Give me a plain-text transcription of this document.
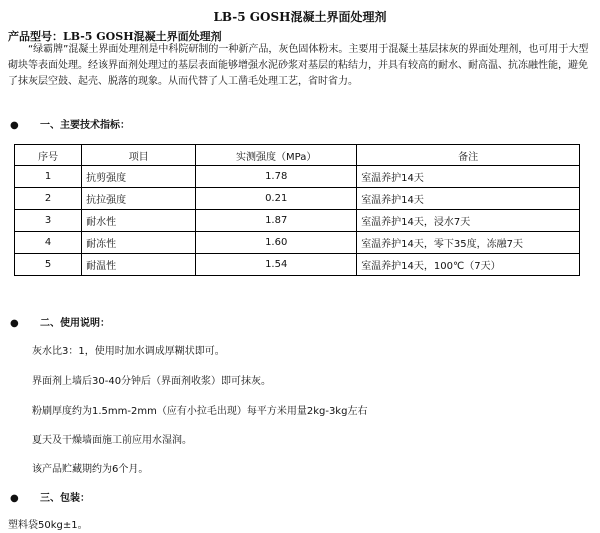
LB-5 GOSH混凝土界面处理剂
产品型号：LB-5 GOSH混凝土界面处理剂
“绿霸牌”混凝土界面处理剂是中科院研制的一种新产品，灰色固体粉末。主要用于混凝土基层抹灰的界面处理剂，也可用于大型砌块等表面处理。经该界面剂处理过的基层表面能够增强水泥砂浆对基层的粘结力，并具有较高的耐水、耐高温、抗冻融性能，避免了抹灰层空鼓、起壳、脱落的现象。从而代替了人工凿毛处理工艺，省时省力。
● 一、主要技术指标：
序号	项目	实测强度（MPa）	备注
1	抗剪强度	1.78	室温养护14天
2	抗拉强度	0.21	室温养护14天
3	耐水性	1.87	室温养护14天，浸水7天
4	耐冻性	1.60	室温养护14天，零下35度，冻融7天
5	耐温性	1.54	室温养护14天，100℃（7天）
● 二、使用说明：
灰水比3：1，使用时加水调成厚糊状即可。
界面剂上墙后30-40分钟后（界面剂收浆）即可抹灰。
粉刷厚度约为1.5mm-2mm（应有小拉毛出现）每平方米用量2kg-3kg左右
夏天及干燥墙面施工前应用水湿润。
该产品贮藏期约为6个月。
● 三、包装：
塑料袋50kg±1。
